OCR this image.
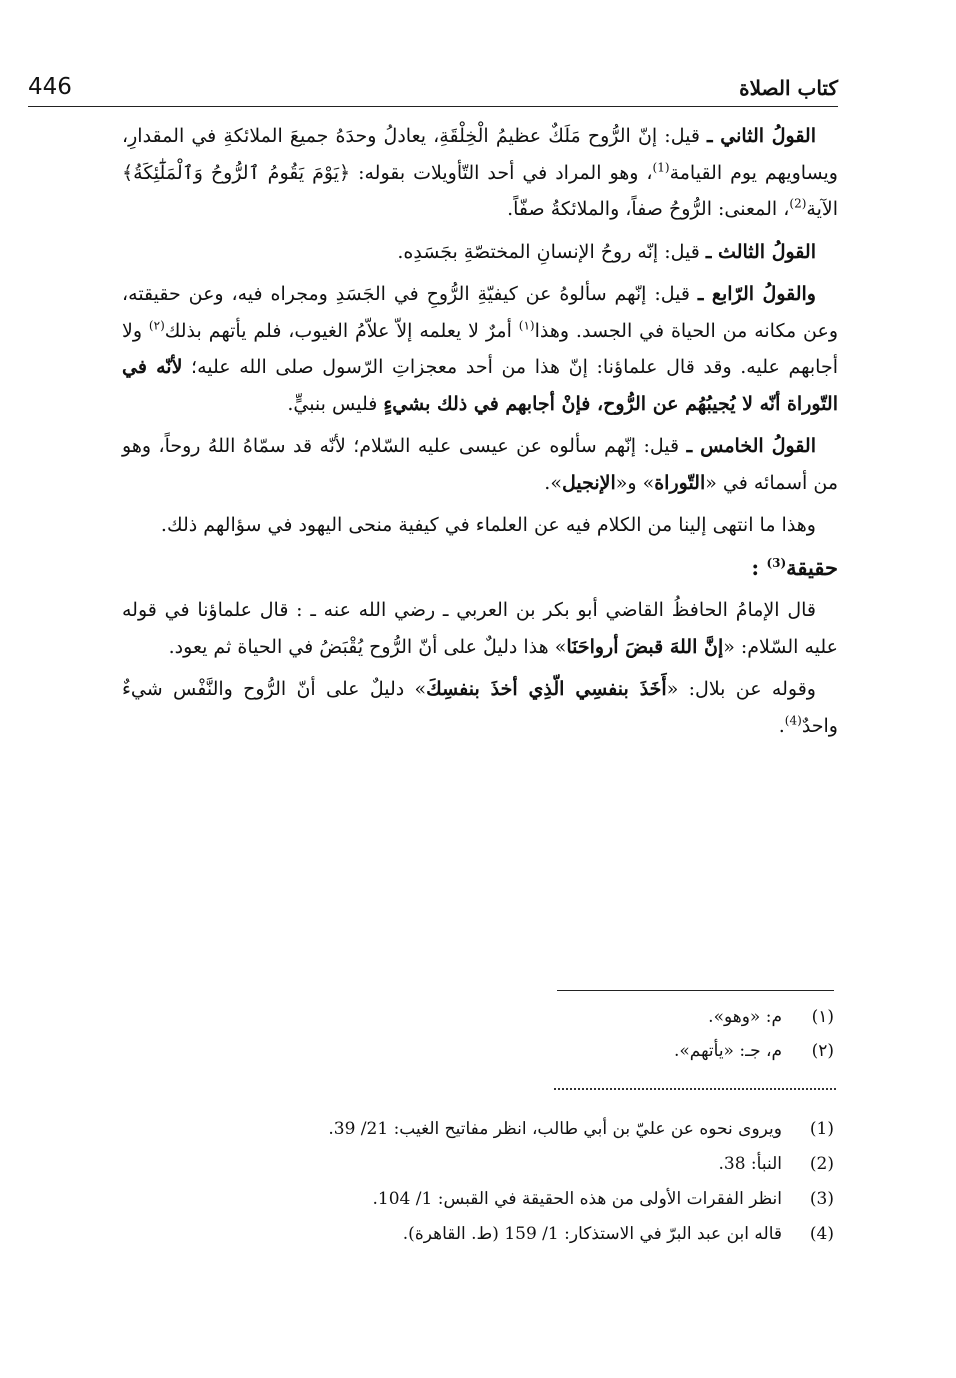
446	كتاب الصلاة

القولُ الثاني ـ قيل: إنّ الرُّوح مَلَكٌ عظيمُ الْخِلْقَةِ، يعادلُ وحدَهُ جميعَ الملائكةِ في المقدارِ، ويساويهم يوم القيامة$^{(1)}$، وهو المراد في أحد التّأويلات بقوله: ﴿يَوْمَ يَقُومُ ٱلرُّوحُ وَٱلْمَلَٰٓئِكَةُ﴾ الآية$^{(2)}$، المعنى: الرُّوحُ صفاً، والملائكةُ صفّاً.

القولُ الثالث ـ قيل: إنّه روحُ الإنسانِ المختصّةِ بجَسَدِه.

والقولُ الرّابع ـ قيل: إنّهم سألوهُ عن كيفيّةِ الرُّوحِ في الجَسَدِ ومجراه فيه، وعن حقيقته، وعن مكانه من الحياة في الجسد. وهذا$^{(١)}$ أمرٌ لا يعلمه إلاّ علاّمُ الغيوب، فلم يأتهم بذلك$^{(٢)}$ ولا أجابهم عليه. وقد قال علماؤنا: إنّ هذا من أحد معجزاتِ الرّسول صلى الله عليه؛ لأنّه في التّوراة أنّه لا يُجيبُهُم عن الرُّوح، فإنْ أجابهم في ذلك بشيءٍ فليس بنبيٍّ.

القولُ الخامس ـ قيل: إنّهم سألوه عن عيسى عليه السّلام؛ لأنّه قد سمّاهُ اللهُ روحاً، وهو من أسمائه في «التّوراة» و«الإنجيل».

وهذا ما انتهى إلينا من الكلام فيه عن العلماء في كيفية منحى اليهود في سؤالهم ذلك.

حقيقة$^{(3)}$ :

قال الإمامُ الحافظُ القاضي أبو بكر بن العربي ـ رضي الله عنه ـ : قال علماؤنا في قوله عليه السّلام: «إنَّ اللهَ قبضَ أرواحَنَا» هذا دليلٌ على أنّ الرُّوح يُقْبَضُ في الحياة ثم يعود.

وقوله عن بلال: «أَخَذَ بنفسِي الّذِي أخذَ بنفسِكَ» دليلٌ على أنّ الرُّوح والنَّفْس شيءٌ واحدٌ$^{(4)}$.

(١)
م: «وهو».
(٢)
م، جـ: «يأتهم».
(1)
ويروى نحوه عن عليّ بن أبي طالب، انظر مفاتيح الغيب: 21/ 39.
(2)
النبأ: 38.
(3)
انظر الفقرات الأولى من هذه الحقيقة في القبس: 1/ 104.
(4)
قاله ابن عبد البرّ في الاستذكار: 1/ 159 (ط. القاهرة).
